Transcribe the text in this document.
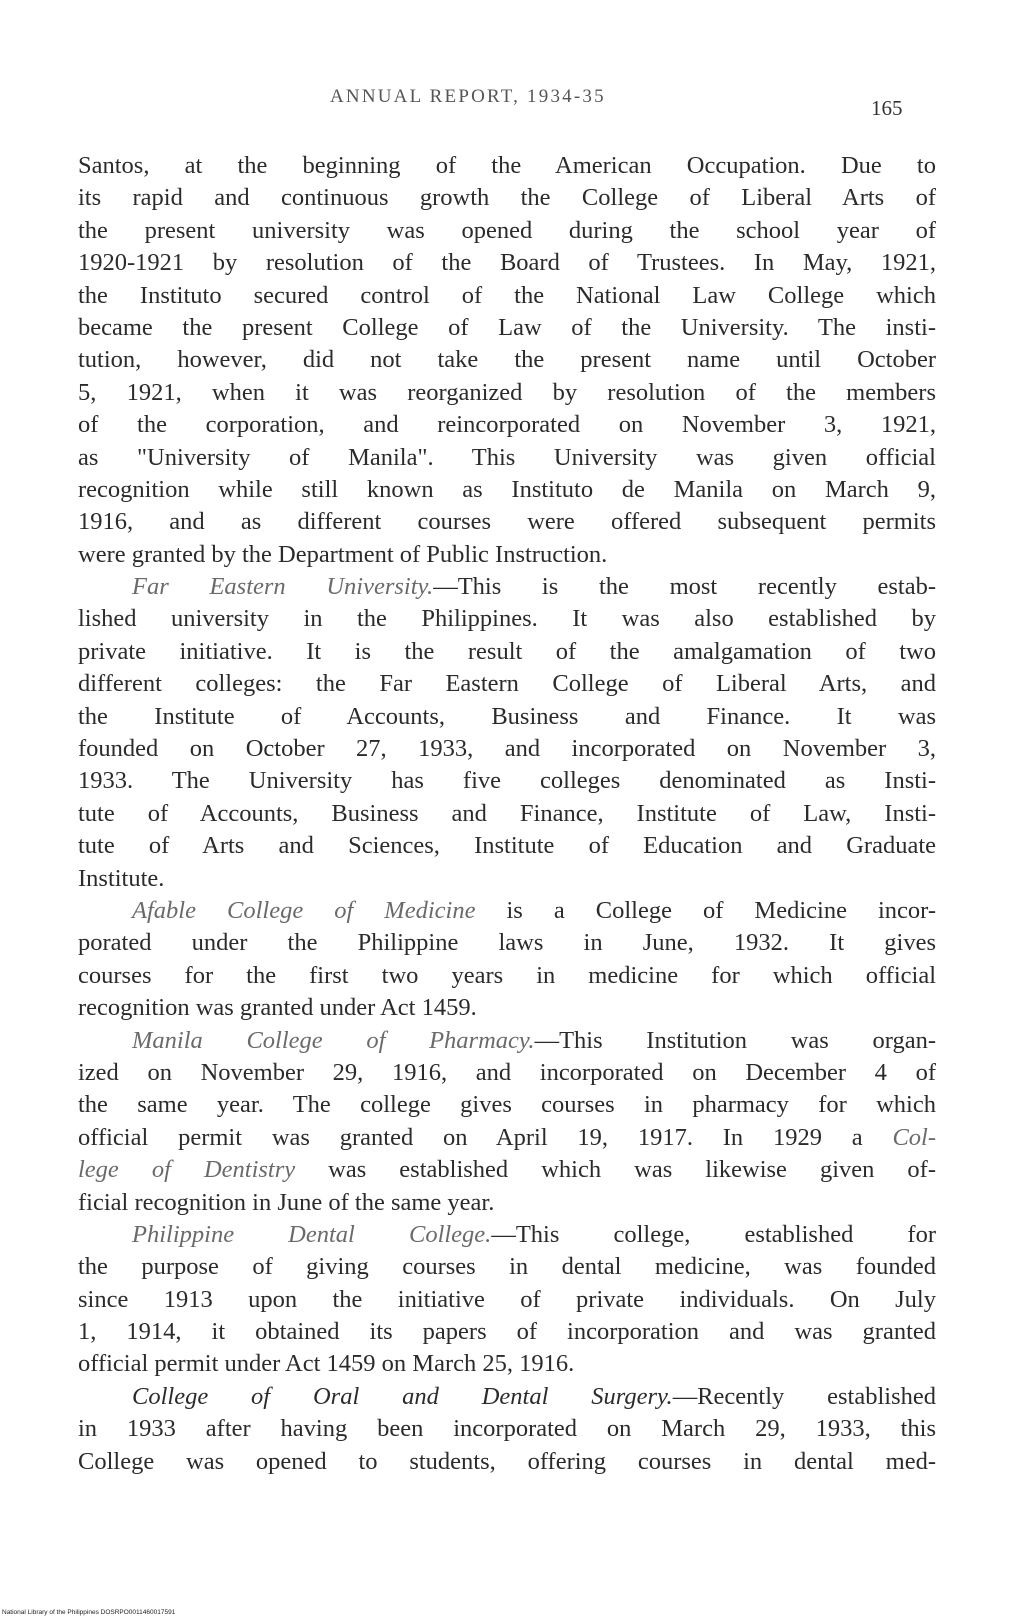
ANNUAL REPORT, 1934-35	165
Santos, at the beginning of the American Occupation. Due to
its rapid and continuous growth the College of Liberal Arts of
the present university was opened during the school year of
1920-1921 by resolution of the Board of Trustees. In May, 1921,
the Instituto secured control of the National Law College which
became the present College of Law of the University. The insti-
tution, however, did not take the present name until October
5, 1921, when it was reorganized by resolution of the members
of the corporation, and reincorporated on November 3, 1921,
as "University of Manila". This University was given official
recognition while still known as Instituto de Manila on March 9,
1916, and as different courses were offered subsequent permits
were granted by the Department of Public Instruction.
Far Eastern University.—This is the most recently estab-
lished university in the Philippines. It was also established by
private initiative. It is the result of the amalgamation of two
different colleges: the Far Eastern College of Liberal Arts, and
the Institute of Accounts, Business and Finance. It was
founded on October 27, 1933, and incorporated on November 3,
1933. The University has five colleges denominated as Insti-
tute of Accounts, Business and Finance, Institute of Law, Insti-
tute of Arts and Sciences, Institute of Education and Graduate
Institute.
Afable College of Medicine is a College of Medicine incor-
porated under the Philippine laws in June, 1932. It gives
courses for the first two years in medicine for which official
recognition was granted under Act 1459.
Manila College of Pharmacy.—This Institution was organ-
ized on November 29, 1916, and incorporated on December 4 of
the same year. The college gives courses in pharmacy for which
official permit was granted on April 19, 1917. In 1929 a Col-
lege of Dentistry was established which was likewise given of-
ficial recognition in June of the same year.
Philippine Dental College.—This college, established for
the purpose of giving courses in dental medicine, was founded
since 1913 upon the initiative of private individuals. On July
1, 1914, it obtained its papers of incorporation and was granted
official permit under Act 1459 on March 25, 1916.
College of Oral and Dental Surgery.—Recently established
in 1933 after having been incorporated on March 29, 1933, this
College was opened to students, offering courses in dental med-
National Library of the Philippines DOSRPO0011460017591
